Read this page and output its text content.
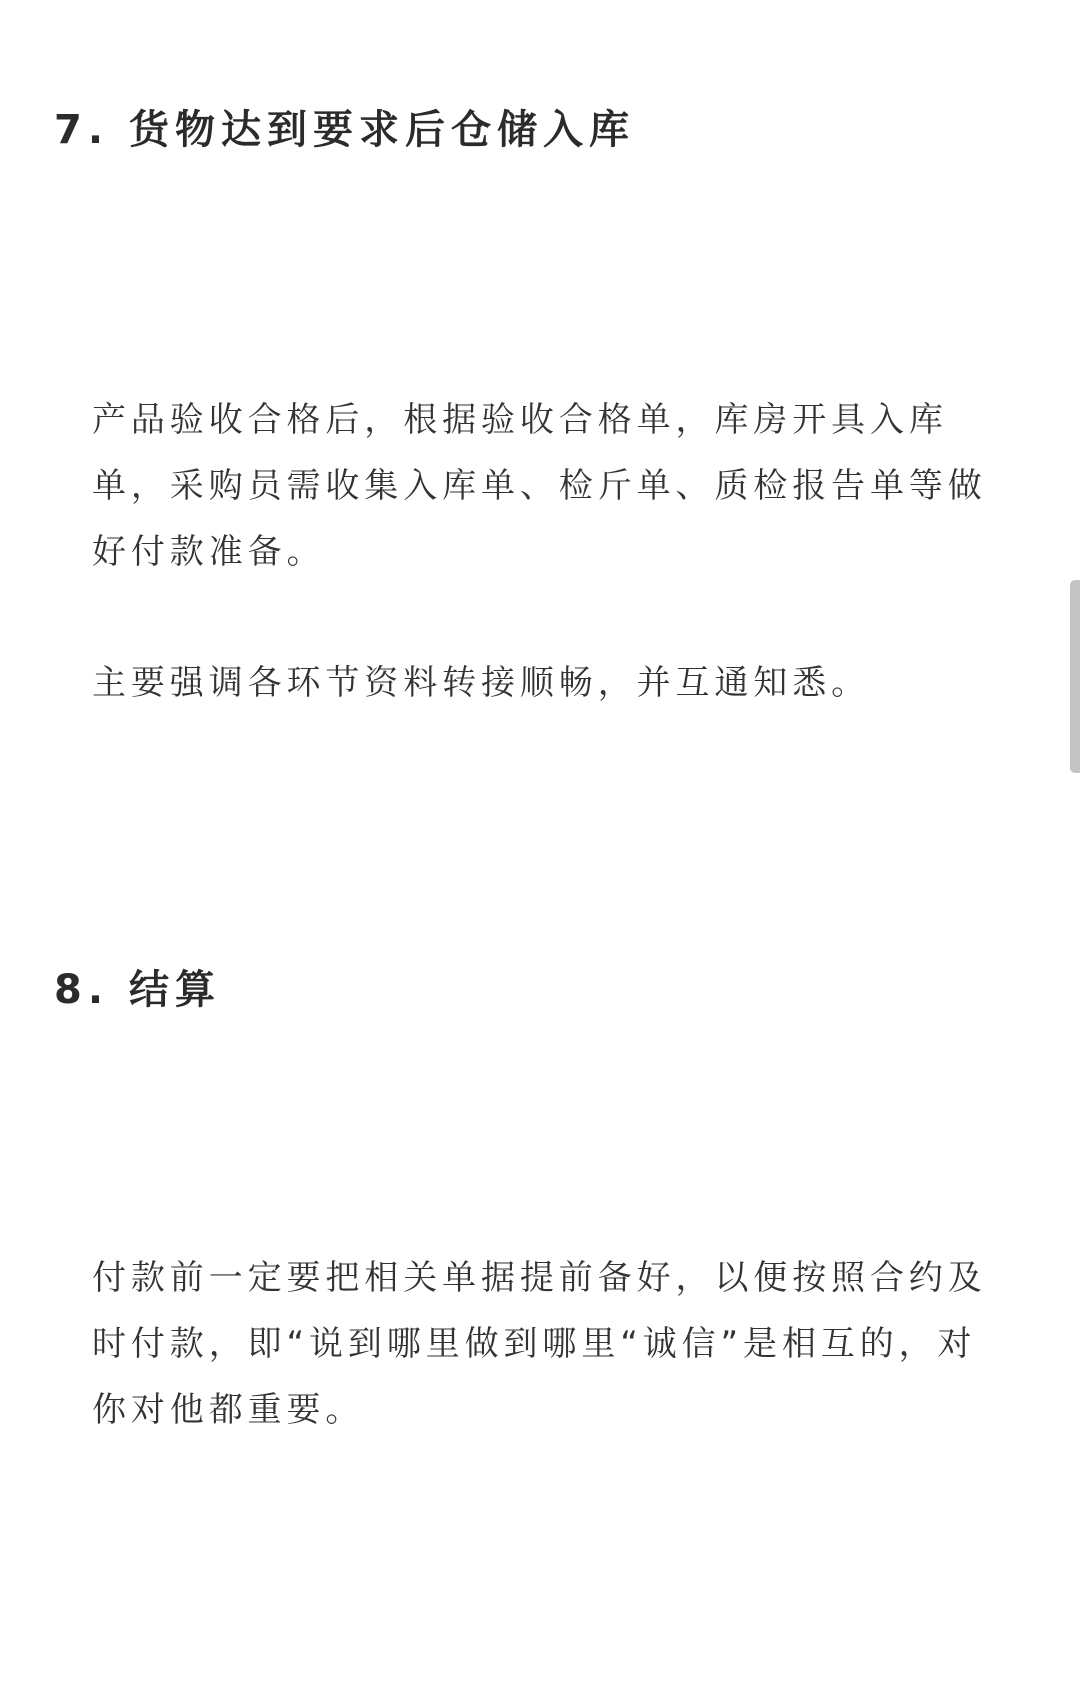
7. 货物达到要求后仓储入库

产品验收合格后，根据验收合格单，库房开具入库单，采购员需收集入库单、检斤单、质检报告单等做好付款准备。

主要强调各环节资料转接顺畅，并互通知悉。

8. 结算

付款前一定要把相关单据提前备好，以便按照合约及时付款，即“说到哪里做到哪里“诚信”是相互的，对你对他都重要。
